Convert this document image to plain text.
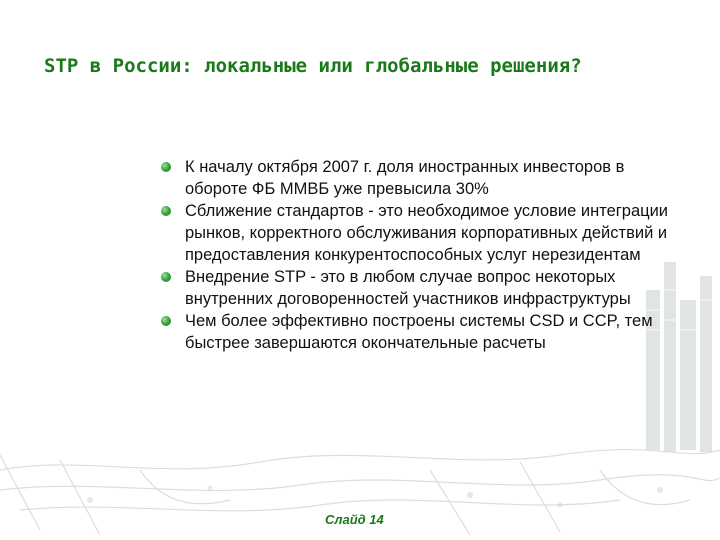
STP в России: локальные или глобальные решения?
К началу октября 2007 г. доля иностранных инвесторов в обороте ФБ ММВБ уже превысила 30%
Сближение стандартов - это необходимое условие интеграции рынков, корректного обслуживания корпоративных действий и предоставления конкурентоспособных услуг нерезидентам
Внедрение STP - это в любом случае вопрос некоторых внутренних договоренностей участников инфраструктуры
Чем более эффективно построены системы CSD и CCP, тем быстрее завершаются окончательные расчеты
Слайд 14
